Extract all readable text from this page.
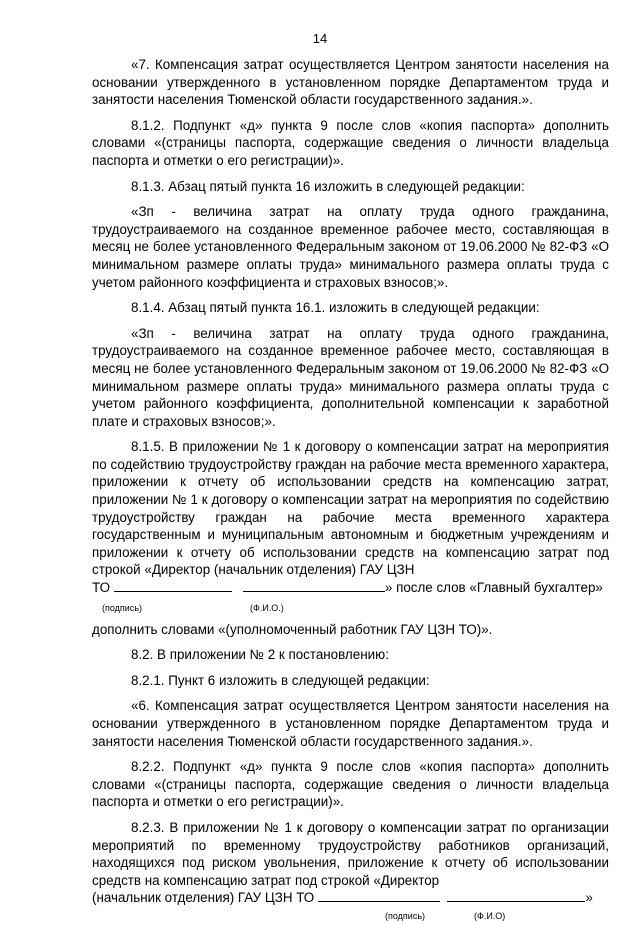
14

«7. Компенсация затрат осуществляется Центром занятости населения на основании утвержденного в установленном порядке Департаментом труда и занятости населения Тюменской области государственного задания.».

8.1.2. Подпункт «д» пункта 9 после слов «копия паспорта» дополнить словами «(страницы паспорта, содержащие сведения о личности владельца паспорта и отметки о его регистрации)».

8.1.3. Абзац пятый пункта 16 изложить в следующей редакции:

«Зп - величина затрат на оплату труда одного гражданина, трудоустраиваемого на созданное временное рабочее место, составляющая в месяц не более установленного Федеральным законом от 19.06.2000 № 82-ФЗ «О минимальном размере оплаты труда» минимального размера оплаты труда с учетом районного коэффициента и страховых взносов;».

8.1.4. Абзац пятый пункта 16.1. изложить в следующей редакции:

«Зп - величина затрат на оплату труда одного гражданина, трудоустраиваемого на созданное временное рабочее место, составляющая в месяц не более установленного Федеральным законом от 19.06.2000 № 82-ФЗ «О минимальном размере оплаты труда» минимального размера оплаты труда с учетом районного коэффициента, дополнительной компенсации к заработной плате и страховых взносов;».

8.1.5. В приложении № 1 к договору о компенсации затрат на мероприятия по содействию трудоустройству граждан на рабочие места временного характера, приложении к отчету об использовании средств на компенсацию затрат, приложении № 1 к договору о компенсации затрат на мероприятия по содействию трудоустройству граждан на рабочие места временного характера государственным и муниципальным автономным и бюджетным учреждениям и приложении к отчету об использовании средств на компенсацию затрат под строкой «Директор (начальник отделения) ГАУ ЦЗН

ТО	» после слов «Главный бухгалтер»

(подпись)	(Ф.И.О.)

дополнить словами «(уполномоченный работник ГАУ ЦЗН ТО)».

8.2. В приложении № 2 к постановлению:

8.2.1. Пункт 6 изложить в следующей редакции:

«6. Компенсация затрат осуществляется Центром занятости населения на основании утвержденного в установленном порядке Департаментом труда и занятости населения Тюменской области государственного задания.».

8.2.2. Подпункт «д» пункта 9 после слов «копия паспорта» дополнить словами «(страницы паспорта, содержащие сведения о личности владельца паспорта и отметки о его регистрации)».

8.2.3. В приложении № 1 к договору о компенсации затрат по организации мероприятий по временному трудоустройству работников организаций, находящихся под риском увольнения, приложение к отчету об использовании средств на компенсацию затрат под строкой «Директор

(начальник отделения) ГАУ ЦЗН ТО	»

(подпись)	(Ф.И.О)
